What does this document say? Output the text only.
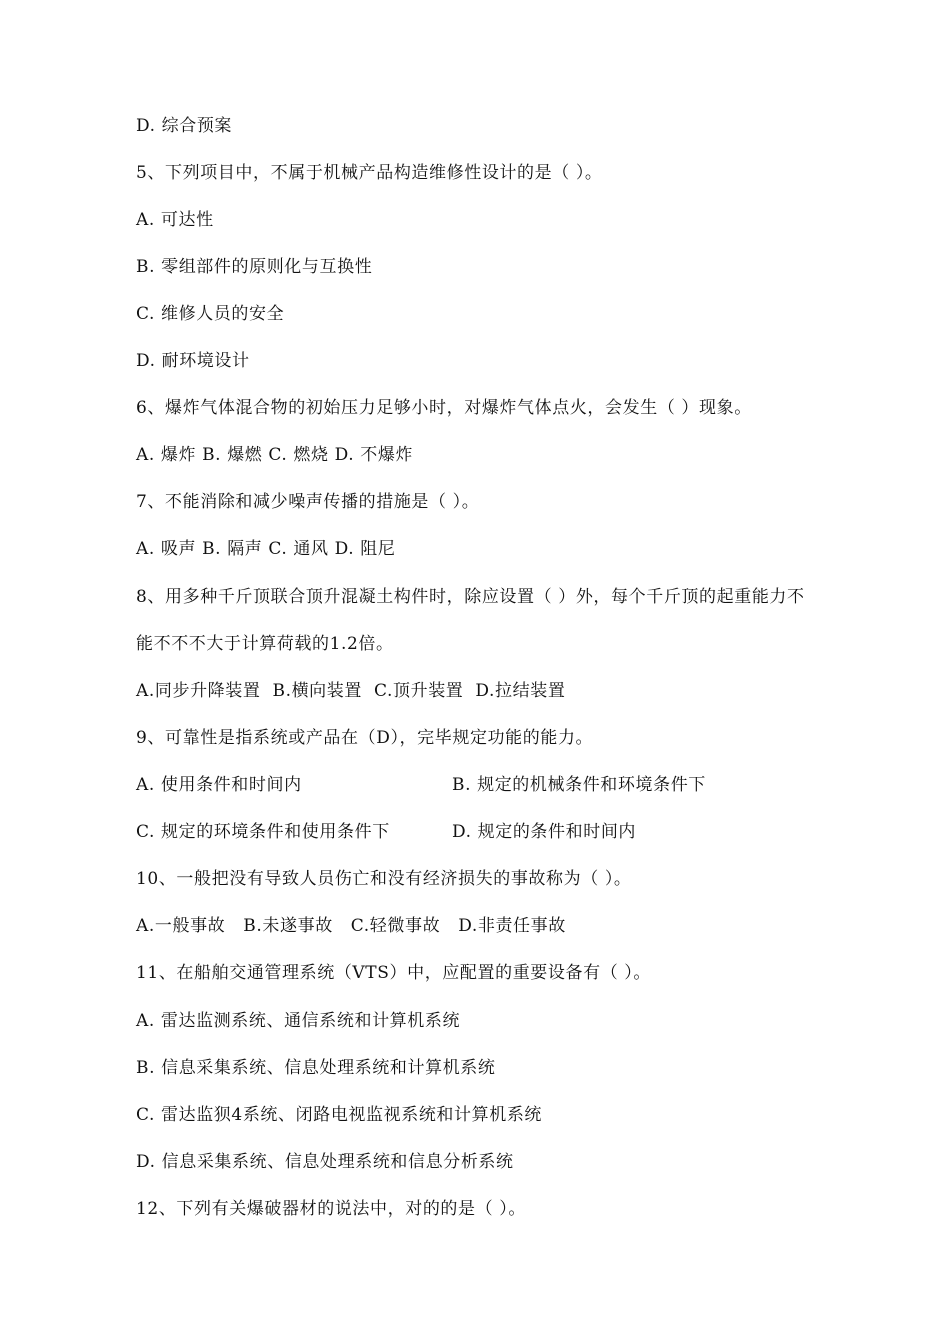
D. 综合预案
5、下列项目中，不属于机械产品构造维修性设计的是（ ）。
A. 可达性
B. 零组部件的原则化与互换性
C. 维修人员的安全
D. 耐环境设计
6、爆炸气体混合物的初始压力足够小时，对爆炸气体点火，会发生（ ）现象。
A. 爆炸 B. 爆燃 C. 燃烧 D. 不爆炸
7、不能消除和减少噪声传播的措施是（ ）。
A. 吸声 B. 隔声 C. 通风 D. 阻尼
8、用多种千斤顶联合顶升混凝土构件时，除应设置（ ）外，每个千斤顶的起重能力不
能不不不大于计算荷载的1.2倍。
A.同步升降装置  B.横向装置  C.顶升装置  D.拉结装置
9、可靠性是指系统或产品在（D），完毕规定功能的能力。
A. 使用条件和时间内	B. 规定的机械条件和环境条件下
C. 规定的环境条件和使用条件下	D. 规定的条件和时间内
10、一般把没有导致人员伤亡和没有经济损失的事故称为（ ）。
A.一般事故   B.未遂事故   C.轻微事故   D.非责任事故
11、在船舶交通管理系统（VTS）中，应配置的重要设备有（ ）。
A. 雷达监测系统、通信系统和计算机系统
B. 信息采集系统、信息处理系统和计算机系统
C. 雷达监狈4系统、闭路电视监视系统和计算机系统
D. 信息采集系统、信息处理系统和信息分析系统
12、下列有关爆破器材的说法中，对的的是（ ）。
